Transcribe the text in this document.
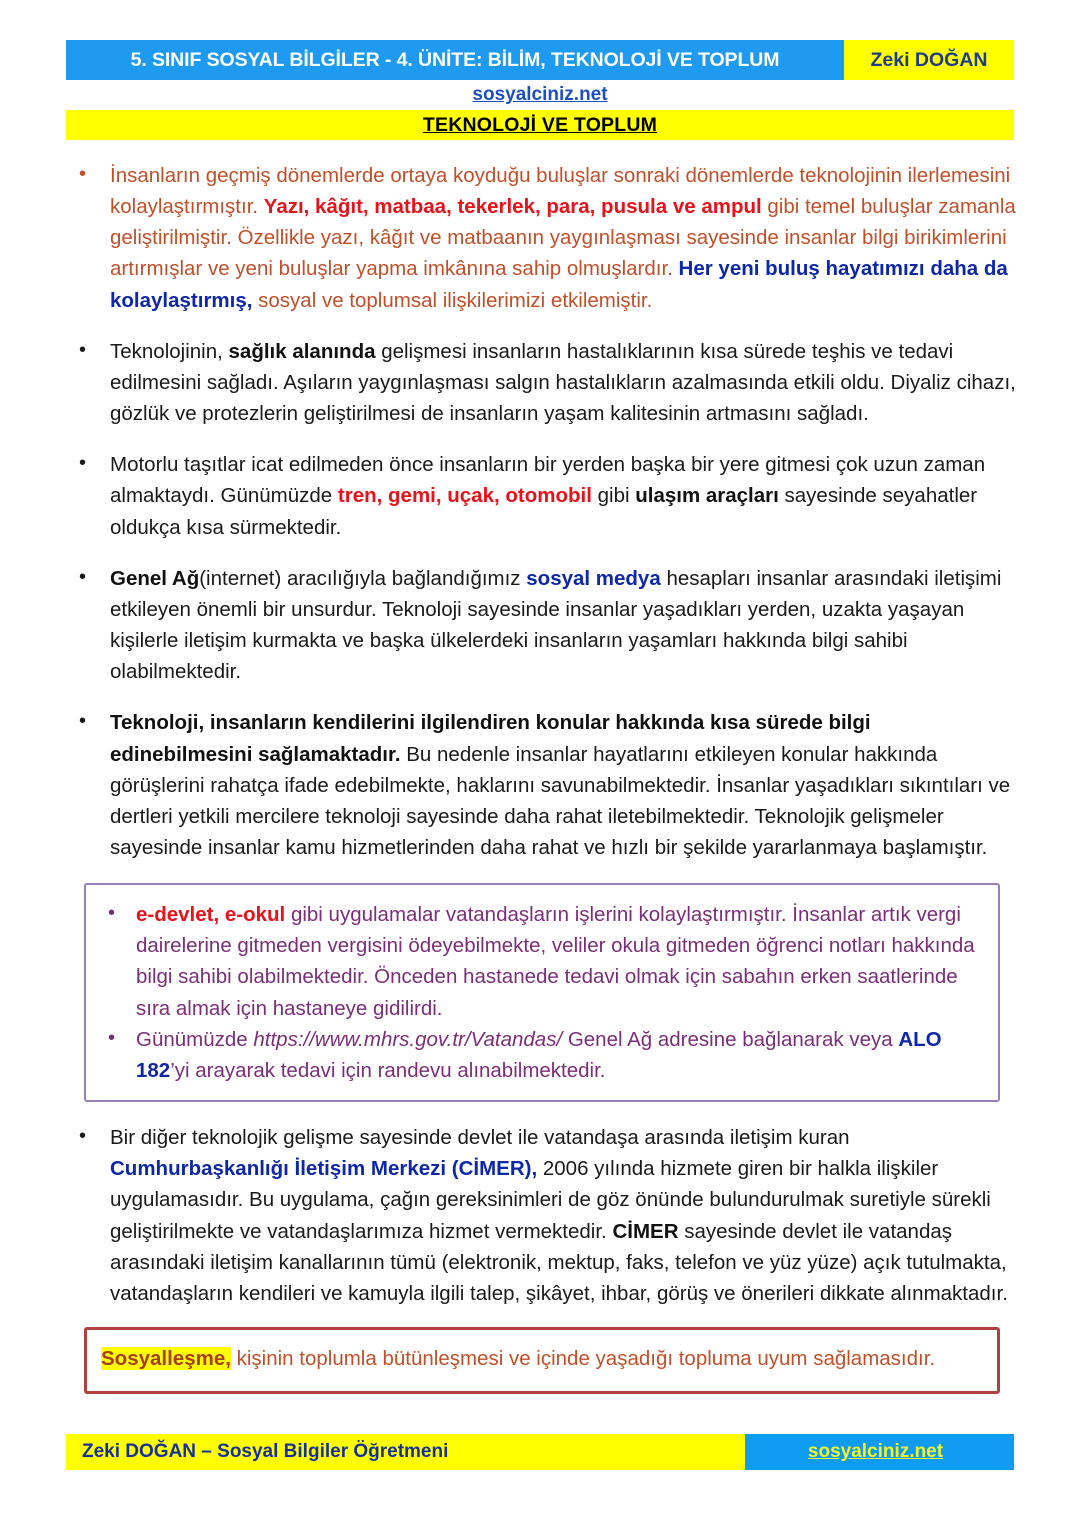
5. SINIF SOSYAL BİLGİLER - 4. ÜNİTE: BİLİM, TEKNOLOJİ VE TOPLUM	Zeki DOĞAN
sosyalciniz.net
TEKNOLOJİ VE TOPLUM
• İnsanların geçmiş dönemlerde ortaya koyduğu buluşlar sonraki dönemlerde teknolojinin ilerlemesini kolaylaştırmıştır. Yazı, kâğıt, matbaa, tekerlek, para, pusula ve ampul gibi temel buluşlar zamanla geliştirilmiştir. Özellikle yazı, kâğıt ve matbaanın yaygınlaşması sayesinde insanlar bilgi birikimlerini artırmışlar ve yeni buluşlar yapma imkânına sahip olmuşlardır. Her yeni buluş hayatımızı daha da kolaylaştırmış, sosyal ve toplumsal ilişkilerimizi etkilemiştir.
• Teknolojinin, sağlık alanında gelişmesi insanların hastalıklarının kısa sürede teşhis ve tedavi edilmesini sağladı. Aşıların yaygınlaşması salgın hastalıkların azalmasında etkili oldu. Diyaliz cihazı, gözlük ve protezlerin geliştirilmesi de insanların yaşam kalitesinin artmasını sağladı.
• Motorlu taşıtlar icat edilmeden önce insanların bir yerden başka bir yere gitmesi çok uzun zaman almaktaydı. Günümüzde tren, gemi, uçak, otomobil gibi ulaşım araçları sayesinde seyahatler oldukça kısa sürmektedir.
• Genel Ağ(internet) aracılığıyla bağlandığımız sosyal medya hesapları insanlar arasındaki iletişimi etkileyen önemli bir unsurdur. Teknoloji sayesinde insanlar yaşadıkları yerden, uzakta yaşayan kişilerle iletişim kurmakta ve başka ülkelerdeki insanların yaşamları hakkında bilgi sahibi olabilmektedir.
• Teknoloji, insanların kendilerini ilgilendiren konular hakkında kısa sürede bilgi edinebilmesini sağlamaktadır. Bu nedenle insanlar hayatlarını etkileyen konular hakkında görüşlerini rahatça ifade edebilmekte, haklarını savunabilmektedir. İnsanlar yaşadıkları sıkıntıları ve dertleri yetkili mercilere teknoloji sayesinde daha rahat iletebilmektedir. Teknolojik gelişmeler sayesinde insanlar kamu hizmetlerinden daha rahat ve hızlı bir şekilde yararlanmaya başlamıştır.
• e-devlet, e-okul gibi uygulamalar vatandaşların işlerini kolaylaştırmıştır. İnsanlar artık vergi dairelerine gitmeden vergisini ödeyebilmekte, veliler okula gitmeden öğrenci notları hakkında bilgi sahibi olabilmektedir. Önceden hastanede tedavi olmak için sabahın erken saatlerinde sıra almak için hastaneye gidilirdi.
• Günümüzde https://www.mhrs.gov.tr/Vatandas/ Genel Ağ adresine bağlanarak veya ALO 182’yi arayarak tedavi için randevu alınabilmektedir.
• Bir diğer teknolojik gelişme sayesinde devlet ile vatandaşa arasında iletişim kuran Cumhurbaşkanlığı İletişim Merkezi (CİMER), 2006 yılında hizmete giren bir halkla ilişkiler uygulamasıdır. Bu uygulama, çağın gereksinimleri de göz önünde bulundurulmak suretiyle sürekli geliştirilmekte ve vatandaşlarımıza hizmet vermektedir. CİMER sayesinde devlet ile vatandaş arasındaki iletişim kanallarının tümü (elektronik, mektup, faks, telefon ve yüz yüze) açık tutulmakta, vatandaşların kendileri ve kamuyla ilgili talep, şikâyet, ihbar, görüş ve önerileri dikkate alınmaktadır.
Sosyalleşme, kişinin toplumla bütünleşmesi ve içinde yaşadığı topluma uyum sağlamasıdır.
Zeki DOĞAN – Sosyal Bilgiler Öğretmeni	sosyalciniz.net
